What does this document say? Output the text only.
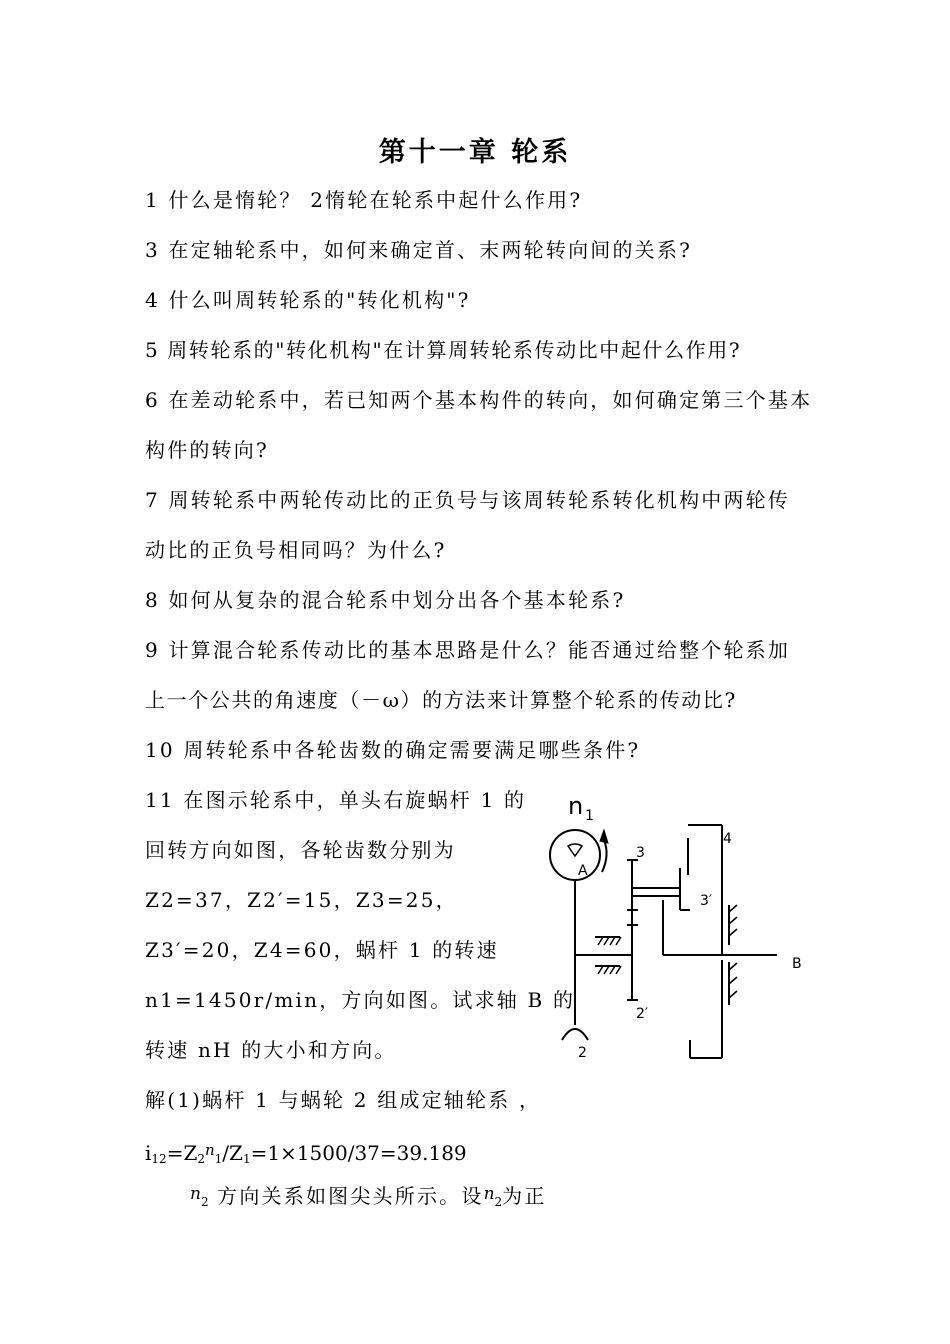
第十一章 轮系
1 什么是惰轮？ 2惰轮在轮系中起什么作用?
3 在定轴轮系中，如何来确定首、末两轮转向间的关系?
4 什么叫周转轮系的"转化机构"?
5 周转轮系的"转化机构"在计算周转轮系传动比中起什么作用?
6 在差动轮系中，若已知两个基本构件的转向，如何确定第三个基本
构件的转向?
7 周转轮系中两轮传动比的正负号与该周转轮系转化机构中两轮传
动比的正负号相同吗？为什么?
8 如何从复杂的混合轮系中划分出各个基本轮系?
9 计算混合轮系传动比的基本思路是什么？能否通过给整个轮系加
上一个公共的角速度（－ω）的方法来计算整个轮系的传动比?
10 周转轮系中各轮齿数的确定需要满足哪些条件?
11 在图示轮系中，单头右旋蜗杆 1 的
回转方向如图，各轮齿数分别为
Z2=37，Z2′=15，Z3=25，
Z3′=20，Z4=60，蜗杆 1 的转速
n1=1450r/min，方向如图。试求轴 B 的
转速 nH 的大小和方向。
解(1)蜗杆 1 与蜗轮 2 组成定轴轮系 ，
$i_{12}=Z_2^n_1/Z_1=1\times 1500/37=39.189$
$^n_2$ 方向关系如图尖头所示。设$^n_2$为正
n 1
A
3
4
3′
B
2′
2
